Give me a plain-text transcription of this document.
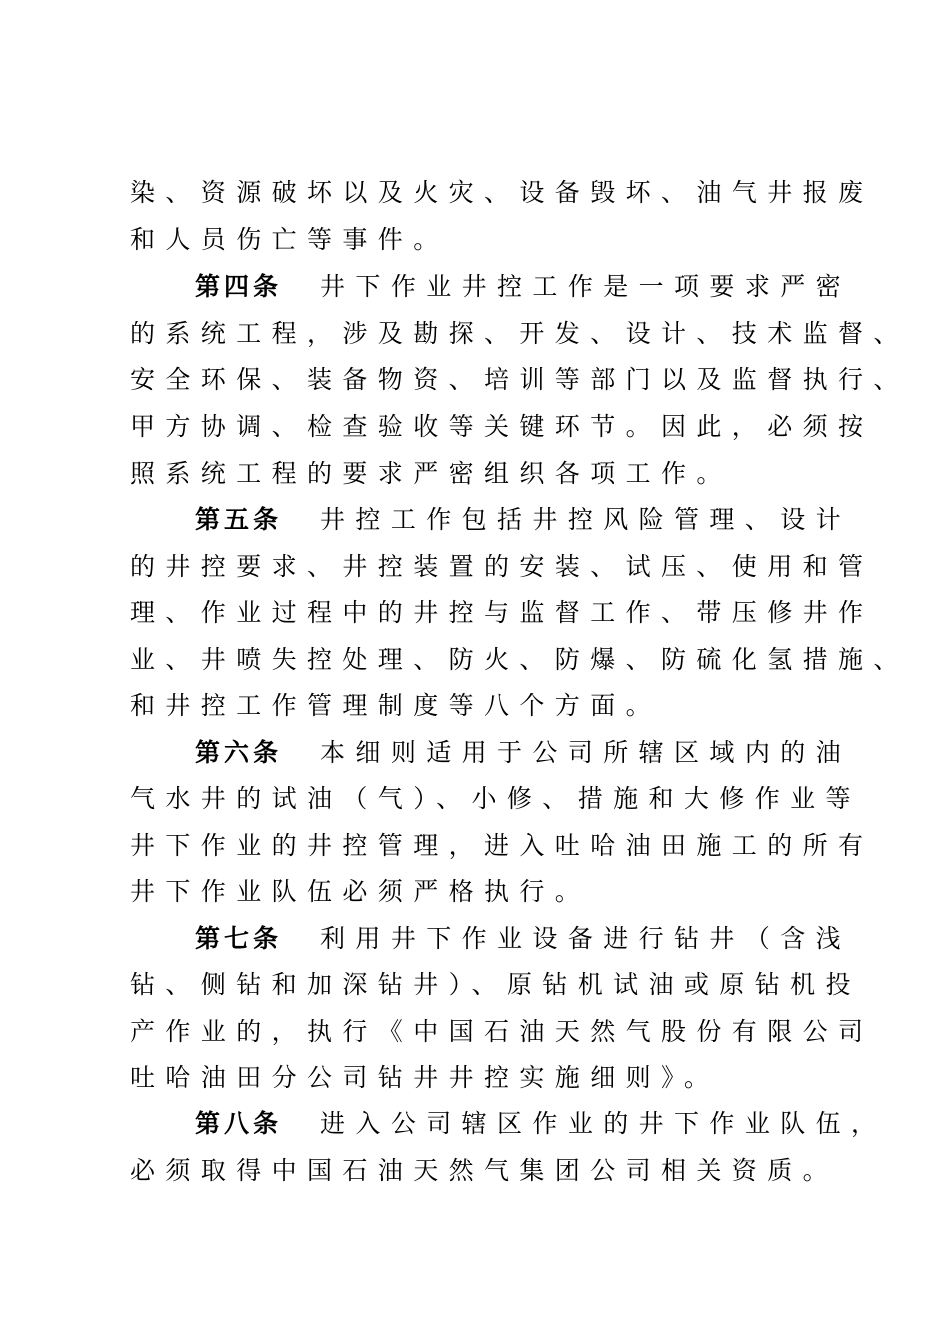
染、资源破坏以及火灾、设备毁坏、油气井报废
和人员伤亡等事件。
第四条 井下作业井控工作是一项要求严密
的系统工程，涉及勘探、开发、设计、技术监督、
安全环保、装备物资、培训等部门以及监督执行、
甲方协调、检查验收等关键环节。因此，必须按
照系统工程的要求严密组织各项工作。
第五条 井控工作包括井控风险管理、设计
的井控要求、井控装置的安装、试压、使用和管
理、作业过程中的井控与监督工作、带压修井作
业、井喷失控处理、防火、防爆、防硫化氢措施、
和井控工作管理制度等八个方面。
第六条 本细则适用于公司所辖区域内的油
气水井的试油（气）、小修、措施和大修作业等
井下作业的井控管理，进入吐哈油田施工的所有
井下作业队伍必须严格执行。
第七条 利用井下作业设备进行钻井（含浅
钻、侧钻和加深钻井）、原钻机试油或原钻机投
产作业的，执行《中国石油天然气股份有限公司
吐哈油田分公司钻井井控实施细则》。
第八条 进入公司辖区作业的井下作业队伍，
必须取得中国石油天然气集团公司相关资质。
